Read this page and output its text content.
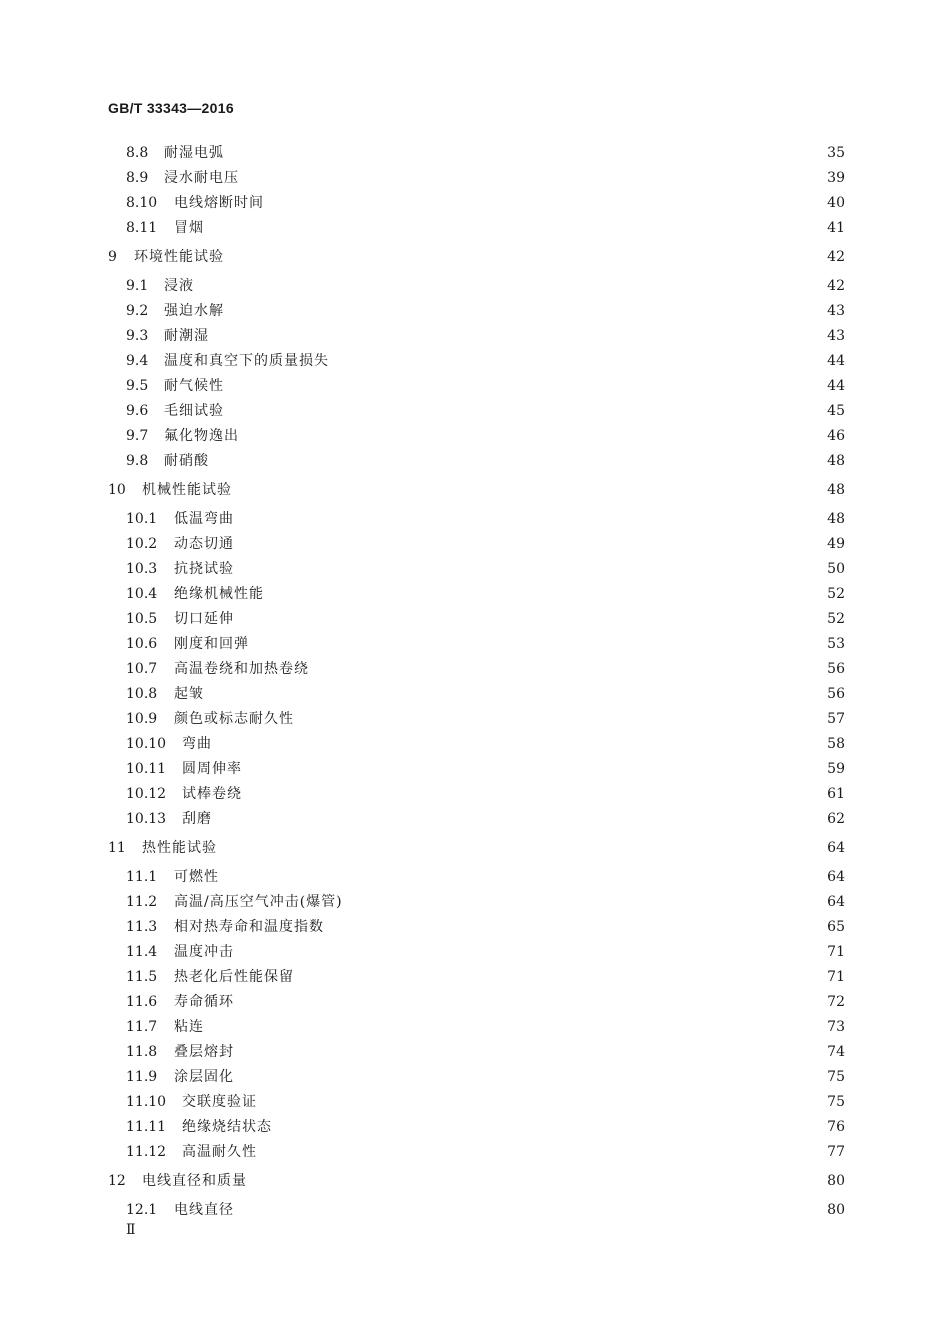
GB/T 33343—2016
8.8	耐湿电弧	35
8.9	浸水耐电压	39
8.10	电线熔断时间	40
8.11	冒烟	41
9	环境性能试验	42
9.1	浸液	42
9.2	强迫水解	43
9.3	耐潮湿	43
9.4	温度和真空下的质量损失	44
9.5	耐气候性	44
9.6	毛细试验	45
9.7	氟化物逸出	46
9.8	耐硝酸	48
10	机械性能试验	48
10.1	低温弯曲	48
10.2	动态切通	49
10.3	抗挠试验	50
10.4	绝缘机械性能	52
10.5	切口延伸	52
10.6	刚度和回弹	53
10.7	高温卷绕和加热卷绕	56
10.8	起皱	56
10.9	颜色或标志耐久性	57
10.10	弯曲	58
10.11	圆周伸率	59
10.12	试棒卷绕	61
10.13	刮磨	62
11	热性能试验	64
11.1	可燃性	64
11.2	高温/高压空气冲击(爆管)	64
11.3	相对热寿命和温度指数	65
11.4	温度冲击	71
11.5	热老化后性能保留	71
11.6	寿命循环	72
11.7	粘连	73
11.8	叠层熔封	74
11.9	涂层固化	75
11.10	交联度验证	75
11.11	绝缘烧结状态	76
11.12	高温耐久性	77
12	电线直径和质量	80
12.1	电线直径	80
Ⅱ
